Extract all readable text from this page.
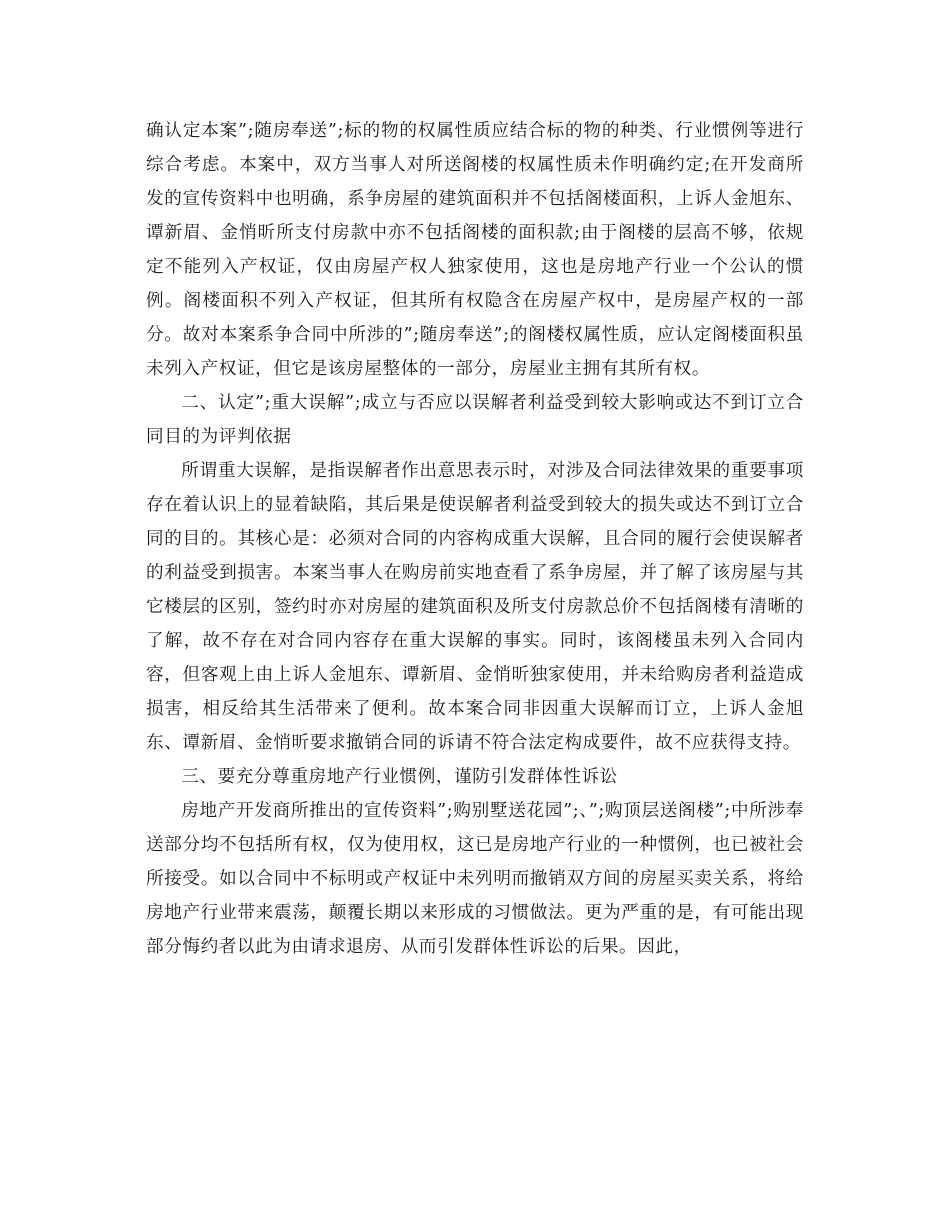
确认定本案”;随房奉送”;标的物的权属性质应结合标的物的种类、行业惯例等进行综合考虑。本案中，双方当事人对所送阁楼的权属性质未作明确约定;在开发商所发的宣传资料中也明确，系争房屋的建筑面积并不包括阁楼面积，上诉人金旭东、谭新眉、金悄昕所支付房款中亦不包括阁楼的面积款;由于阁楼的层高不够，依规定不能列入产权证，仅由房屋产权人独家使用，这也是房地产行业一个公认的惯例。阁楼面积不列入产权证，但其所有权隐含在房屋产权中，是房屋产权的一部分。故对本案系争合同中所涉的”;随房奉送”;的阁楼权属性质，应认定阁楼面积虽未列入产权证，但它是该房屋整体的一部分，房屋业主拥有其所有权。

二、认定”;重大误解”;成立与否应以误解者利益受到较大影响或达不到订立合同目的为评判依据

所谓重大误解，是指误解者作出意思表示时，对涉及合同法律效果的重要事项存在着认识上的显着缺陷，其后果是使误解者利益受到较大的损失或达不到订立合同的目的。其核心是：必须对合同的内容构成重大误解，且合同的履行会使误解者的利益受到损害。本案当事人在购房前实地查看了系争房屋，并了解了该房屋与其它楼层的区别，签约时亦对房屋的建筑面积及所支付房款总价不包括阁楼有清晰的了解，故不存在对合同内容存在重大误解的事实。同时，该阁楼虽未列入合同内容，但客观上由上诉人金旭东、谭新眉、金悄昕独家使用，并未给购房者利益造成损害，相反给其生活带来了便利。故本案合同非因重大误解而订立，上诉人金旭东、谭新眉、金悄昕要求撤销合同的诉请不符合法定构成要件，故不应获得支持。

三、要充分尊重房地产行业惯例，谨防引发群体性诉讼

房地产开发商所推出的宣传资料”;购别墅送花园”;、”;购顶层送阁楼”;中所涉奉送部分均不包括所有权，仅为使用权，这已是房地产行业的一种惯例，也已被社会所接受。如以合同中不标明或产权证中未列明而撤销双方间的房屋买卖关系，将给房地产行业带来震荡，颠覆长期以来形成的习惯做法。更为严重的是，有可能出现部分悔约者以此为由请求退房、从而引发群体性诉讼的后果。因此，
